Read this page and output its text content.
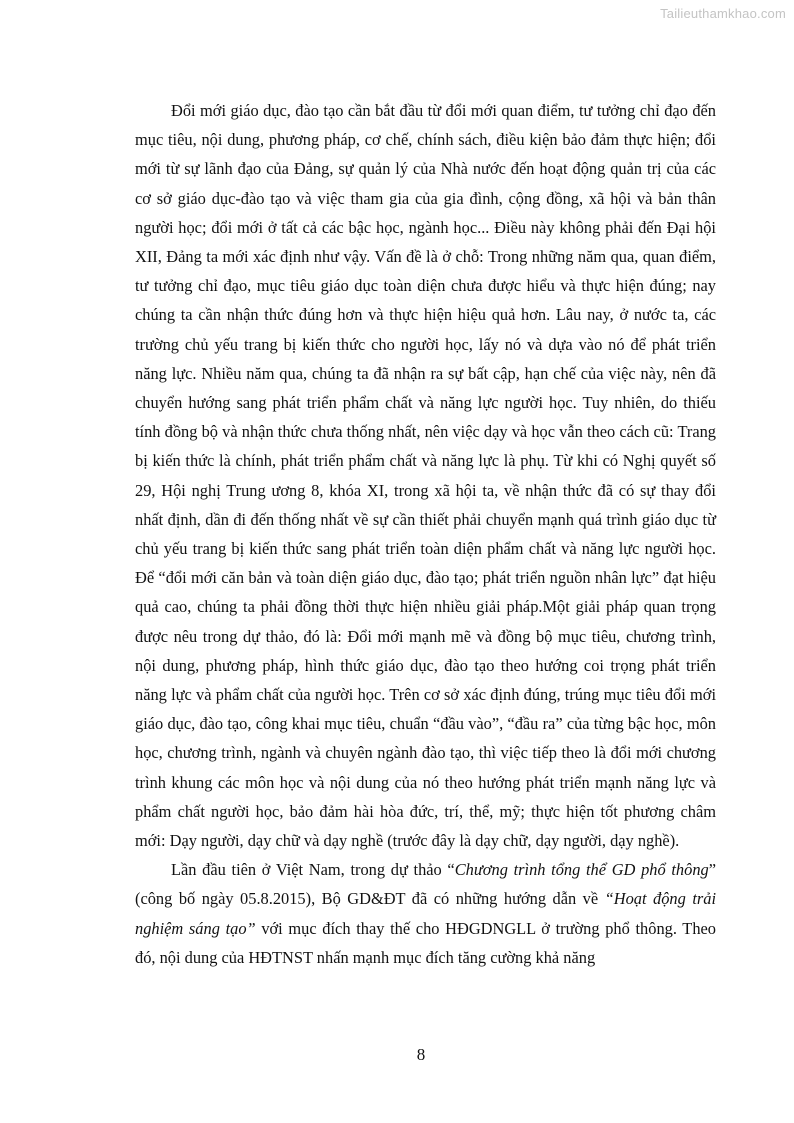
Tailieuthamkhao.com

Đổi mới giáo dục, đào tạo cần bắt đầu từ đổi mới quan điểm, tư tưởng chỉ đạo đến mục tiêu, nội dung, phương pháp, cơ chế, chính sách, điều kiện bảo đảm thực hiện; đổi mới từ sự lãnh đạo của Đảng, sự quản lý của Nhà nước đến hoạt động quản trị của các cơ sở giáo dục-đào tạo và việc tham gia của gia đình, cộng đồng, xã hội và bản thân người học; đổi mới ở tất cả các bậc học, ngành học... Điều này không phải đến Đại hội XII, Đảng ta mới xác định như vậy. Vấn đề là ở chỗ: Trong những năm qua, quan điểm, tư tưởng chỉ đạo, mục tiêu giáo dục toàn diện chưa được hiểu và thực hiện đúng; nay chúng ta cần nhận thức đúng hơn và thực hiện hiệu quả hơn. Lâu nay, ở nước ta, các trường chủ yếu trang bị kiến thức cho người học, lấy nó và dựa vào nó để phát triển năng lực. Nhiều năm qua, chúng ta đã nhận ra sự bất cập, hạn chế của việc này, nên đã chuyển hướng sang phát triển phẩm chất và năng lực người học. Tuy nhiên, do thiếu tính đồng bộ và nhận thức chưa thống nhất, nên việc dạy và học vẫn theo cách cũ: Trang bị kiến thức là chính, phát triển phẩm chất và năng lực là phụ. Từ khi có Nghị quyết số 29, Hội nghị Trung ương 8, khóa XI, trong xã hội ta, về nhận thức đã có sự thay đổi nhất định, dần đi đến thống nhất về sự cần thiết phải chuyển mạnh quá trình giáo dục từ chủ yếu trang bị kiến thức sang phát triển toàn diện phẩm chất và năng lực người học. Để “đổi mới căn bản và toàn diện giáo dục, đào tạo; phát triển nguồn nhân lực” đạt hiệu quả cao, chúng ta phải đồng thời thực hiện nhiều giải pháp.Một giải pháp quan trọng được nêu trong dự thảo, đó là: Đổi mới mạnh mẽ và đồng bộ mục tiêu, chương trình, nội dung, phương pháp, hình thức giáo dục, đào tạo theo hướng coi trọng phát triển năng lực và phẩm chất của người học. Trên cơ sở xác định đúng, trúng mục tiêu đổi mới giáo dục, đào tạo, công khai mục tiêu, chuẩn “đầu vào”, “đầu ra” của từng bậc học, môn học, chương trình, ngành và chuyên ngành đào tạo, thì việc tiếp theo là đổi mới chương trình khung các môn học và nội dung của nó theo hướng phát triển mạnh năng lực và phẩm chất người học, bảo đảm hài hòa đức, trí, thể, mỹ; thực hiện tốt phương châm mới: Dạy người, dạy chữ và dạy nghề (trước đây là dạy chữ, dạy người, dạy nghề).

Lần đầu tiên ở Việt Nam, trong dự thảo “Chương trình tổng thể GD phổ thông” (công bố ngày 05.8.2015), Bộ GD&ĐT đã có những hướng dẫn về “Hoạt động trải nghiệm sáng tạo” với mục đích thay thế cho HĐGDNGLL ở trường phổ thông. Theo đó, nội dung của HĐTNST nhấn mạnh mục đích tăng cường khả năng

8
